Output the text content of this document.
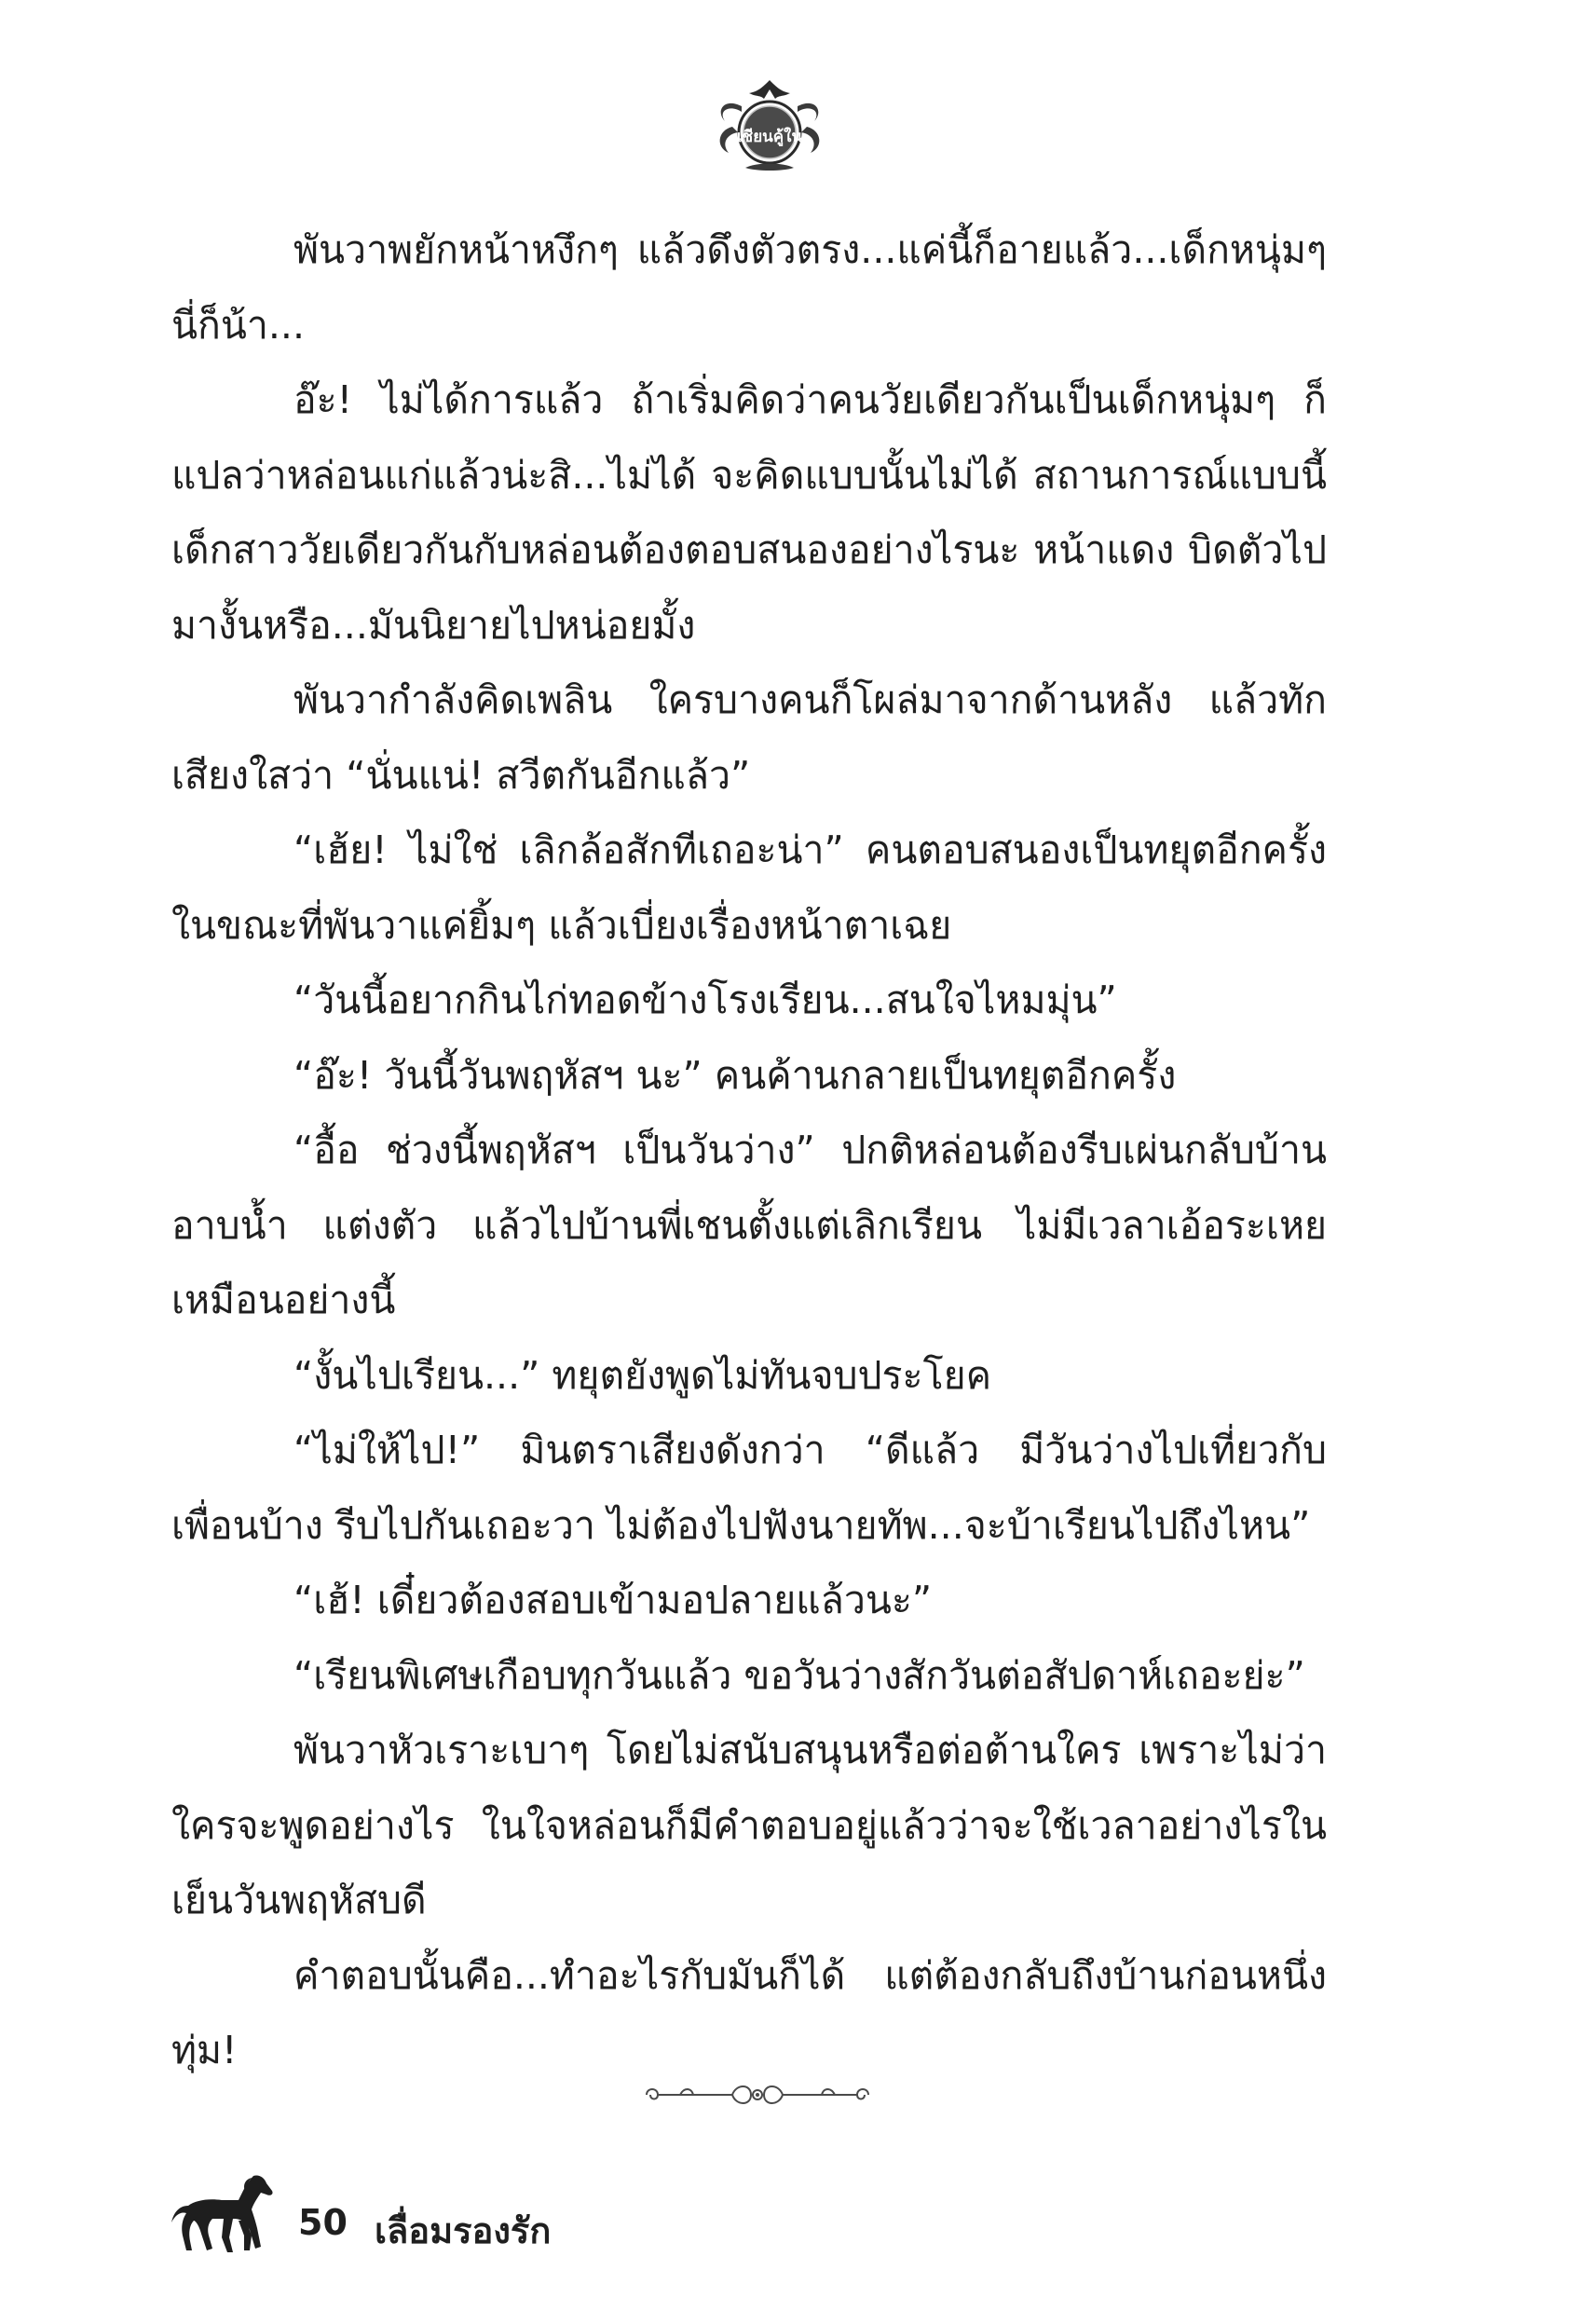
เชียนคู้ใน

พันวาพยักหน้าหงึกๆ แล้วดึงตัวตรง...แค่นี้ก็อายแล้ว...เด็กหนุ่มๆ นี่ก็น้า...

อ๊ะ! ไม่ได้การแล้ว ถ้าเริ่มคิดว่าคนวัยเดียวกันเป็นเด็กหนุ่มๆ ก็แปลว่าหล่อนแก่แล้วน่ะสิ...ไม่ได้ จะคิดแบบนั้นไม่ได้ สถานการณ์แบบนี้ เด็กสาววัยเดียวกันกับหล่อนต้องตอบสนองอย่างไรนะ หน้าแดง บิดตัวไปมางั้นหรือ...มันนิยายไปหน่อยมั้ง

พันวากำลังคิดเพลิน ใครบางคนก็โผล่มาจากด้านหลัง แล้วทักเสียงใสว่า “นั่นแน่! สวีตกันอีกแล้ว”

“เฮ้ย! ไม่ใช่ เลิกล้อสักทีเถอะน่า” คนตอบสนองเป็นทยุตอีกครั้ง ในขณะที่พันวาแค่ยิ้มๆ แล้วเบี่ยงเรื่องหน้าตาเฉย

“วันนี้อยากกินไก่ทอดข้างโรงเรียน...สนใจไหมมุ่น”

“อ๊ะ! วันนี้วันพฤหัสฯ นะ” คนค้านกลายเป็นทยุตอีกครั้ง

“อื้อ ช่วงนี้พฤหัสฯ เป็นวันว่าง” ปกติหล่อนต้องรีบเผ่นกลับบ้าน อาบน้ำ แต่งตัว แล้วไปบ้านพี่เชนตั้งแต่เลิกเรียน ไม่มีเวลาเอ้อระเหยเหมือนอย่างนี้

“งั้นไปเรียน...” ทยุตยังพูดไม่ทันจบประโยค

“ไม่ให้ไป!” มินตราเสียงดังกว่า “ดีแล้ว มีวันว่างไปเที่ยวกับเพื่อนบ้าง รีบไปกันเถอะวา ไม่ต้องไปฟังนายทัพ...จะบ้าเรียนไปถึงไหน”

“เฮ้! เดี๋ยวต้องสอบเข้ามอปลายแล้วนะ”

“เรียนพิเศษเกือบทุกวันแล้ว ขอวันว่างสักวันต่อสัปดาห์เถอะย่ะ”

พันวาหัวเราะเบาๆ โดยไม่สนับสนุนหรือต่อต้านใคร เพราะไม่ว่าใครจะพูดอย่างไร ในใจหล่อนก็มีคำตอบอยู่แล้วว่าจะใช้เวลาอย่างไรในเย็นวันพฤหัสบดี

คำตอบนั้นคือ...ทำอะไรกับมันก็ได้ แต่ต้องกลับถึงบ้านก่อนหนึ่งทุ่ม!

50 เลื่อมรองรัก
